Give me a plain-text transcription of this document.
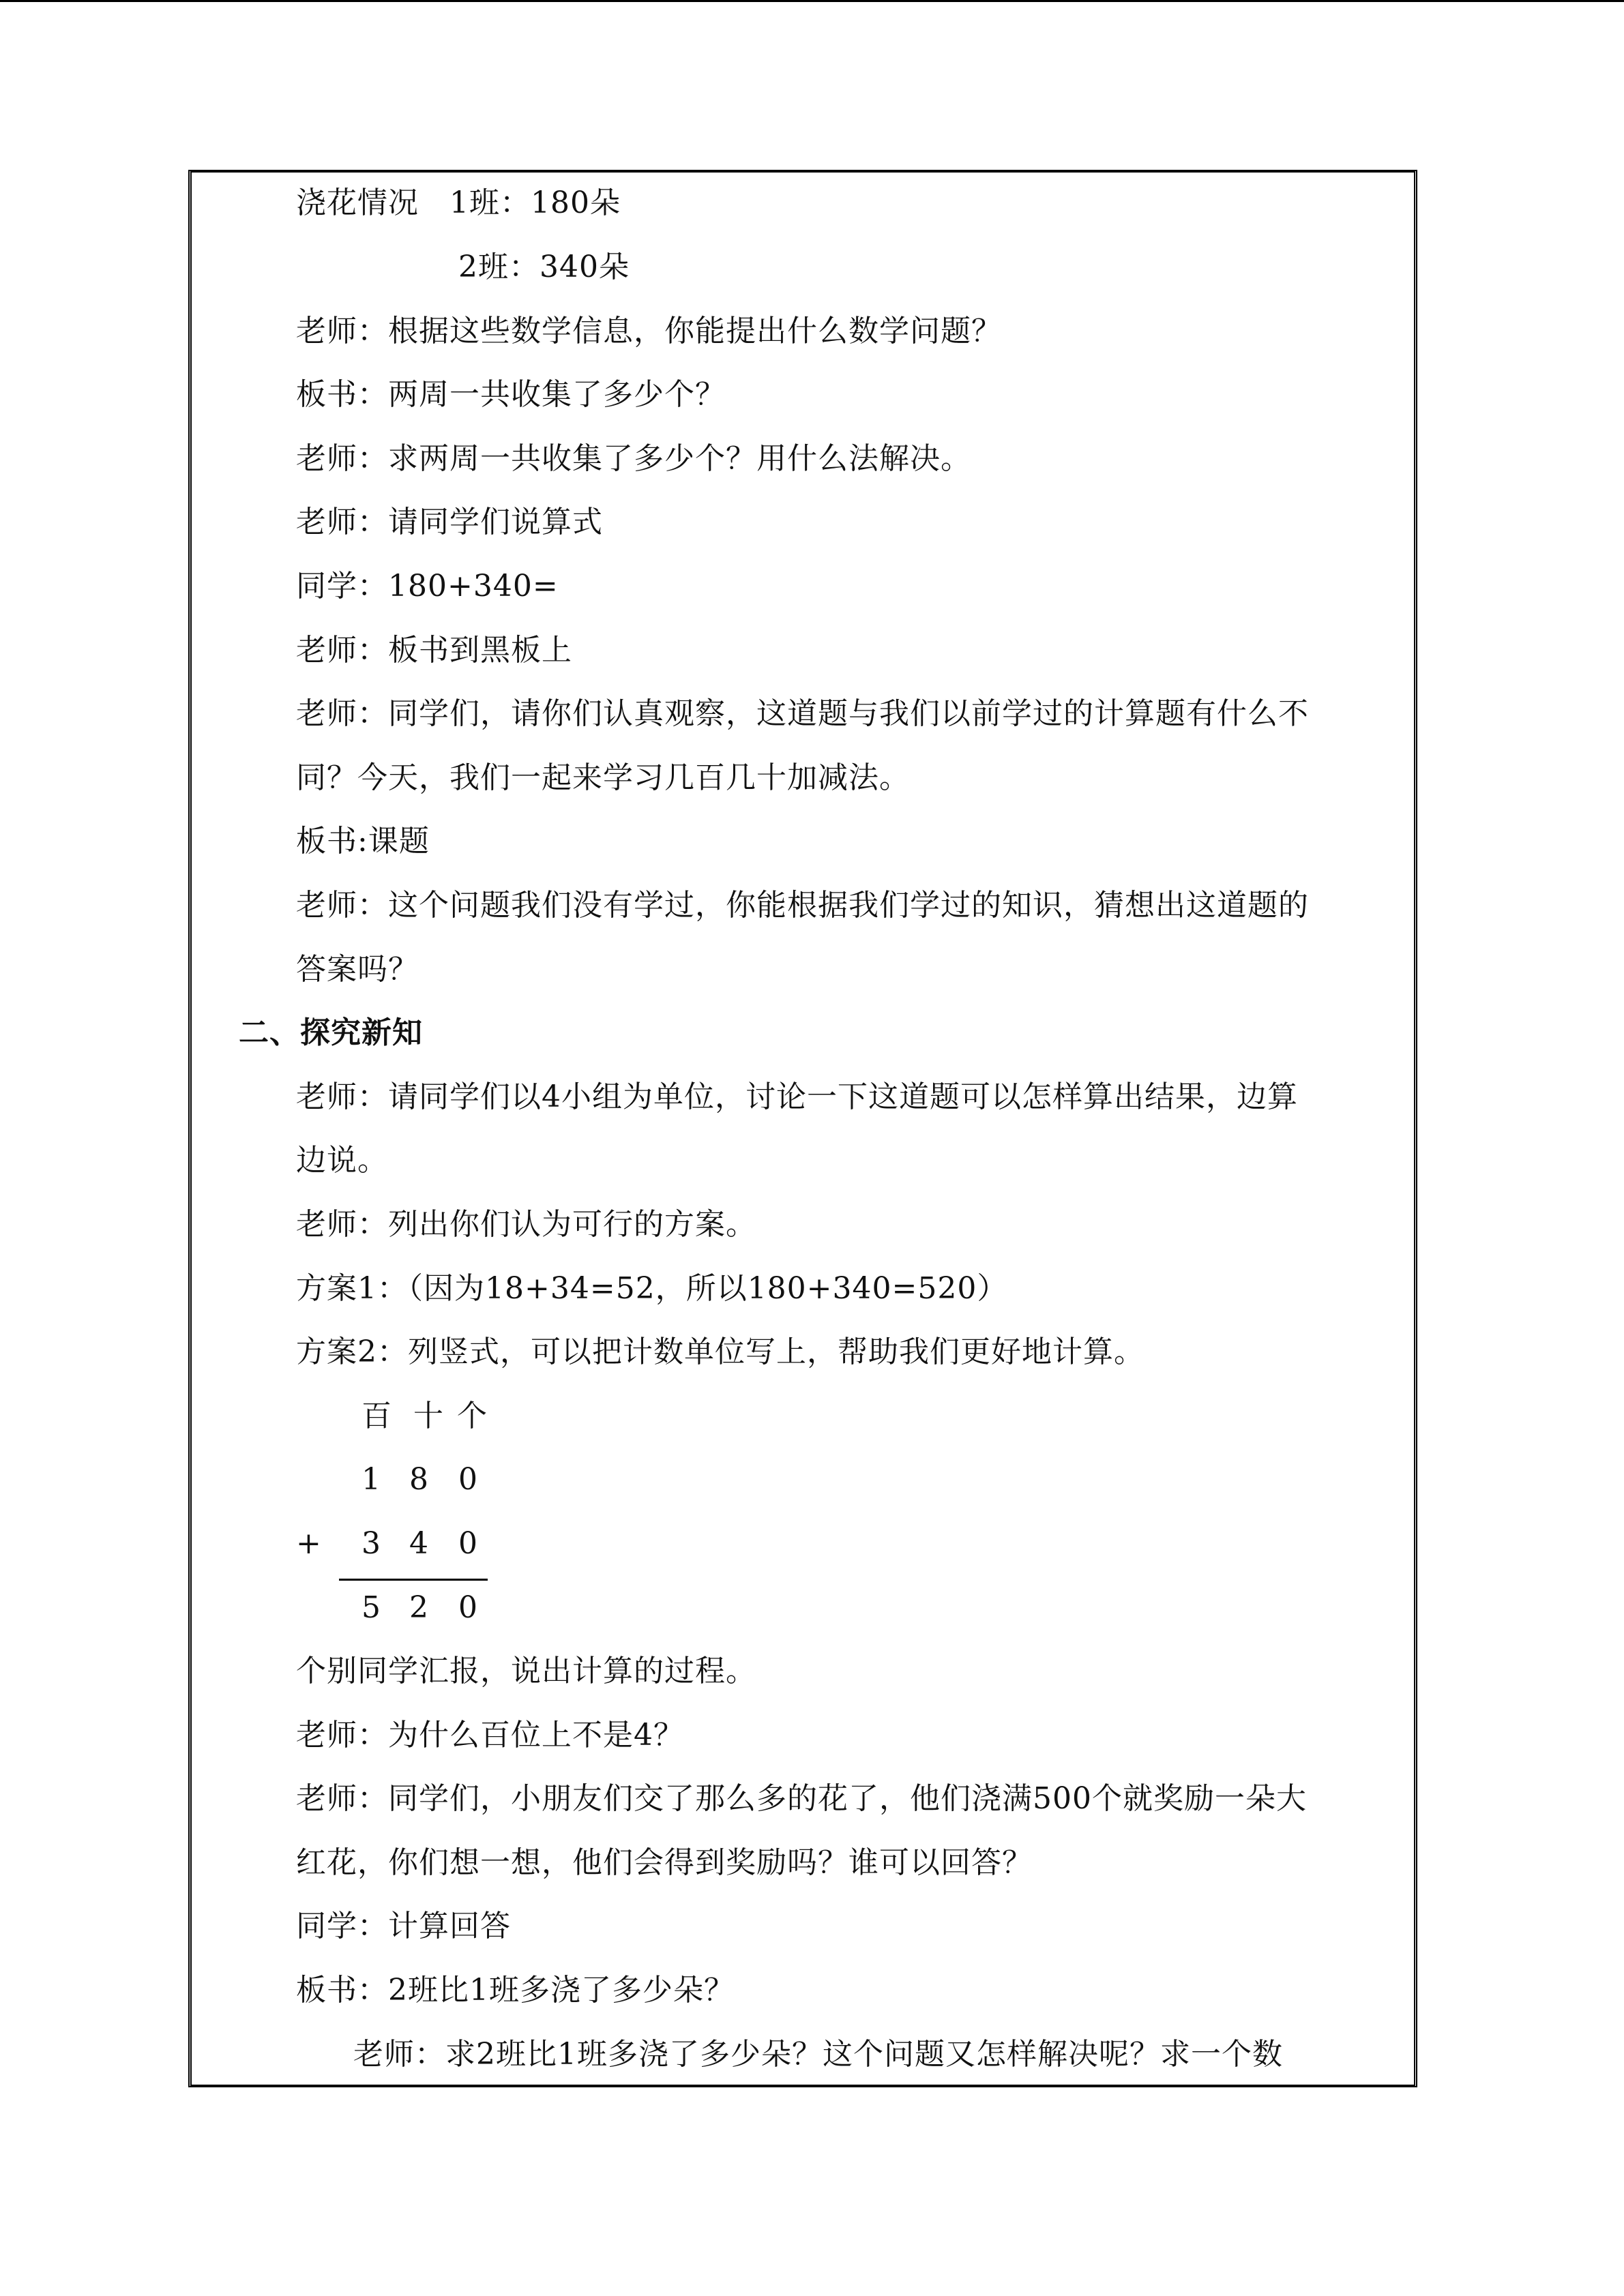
浇花情况　1班：180朵
2班：340朵
老师：根据这些数学信息，你能提出什么数学问题？
板书：两周一共收集了多少个？
老师：求两周一共收集了多少个？用什么法解决。
老师：请同学们说算式
同学：180+340=
老师：板书到黑板上
老师：同学们，请你们认真观察，这道题与我们以前学过的计算题有什么不
同？今天，我们一起来学习几百几十加减法。
板书:课题
老师：这个问题我们没有学过，你能根据我们学过的知识，猜想出这道题的
答案吗？
二、探究新知
老师：请同学们以4小组为单位，讨论一下这道题可以怎样算出结果，边算
边说。
老师：列出你们认为可行的方案。
方案1：（因为18+34=52，所以180+340=520）
方案2：列竖式，可以把计数单位写上，帮助我们更好地计算。
百 十 个
1 8 0
+ 3 4 0
5 2 0
个别同学汇报，说出计算的过程。
老师：为什么百位上不是4？
老师：同学们，小朋友们交了那么多的花了，他们浇满500个就奖励一朵大
红花，你们想一想，他们会得到奖励吗？谁可以回答？
同学：计算回答
板书：2班比1班多浇了多少朵？
老师：求2班比1班多浇了多少朵？这个问题又怎样解决呢？求一个数
